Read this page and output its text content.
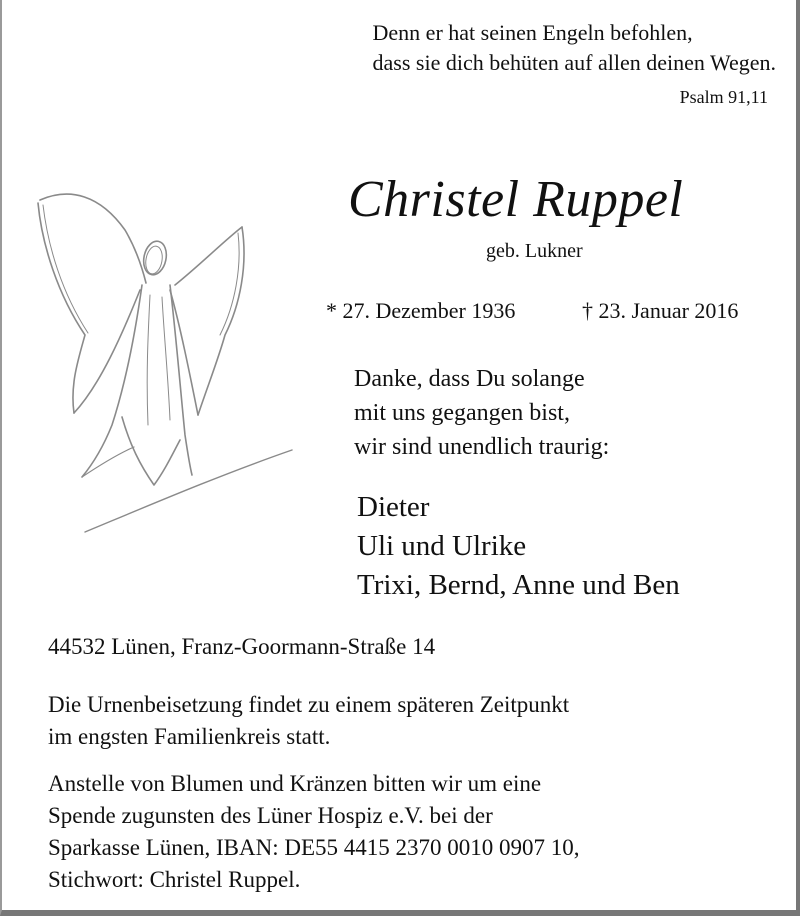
Denn er hat seinen Engeln befohlen,
dass sie dich behüten auf allen deinen Wegen.
Psalm 91,11
Christel Ruppel
geb. Lukner
* 27. Dezember 1936	† 23. Januar 2016
Danke, dass Du solange
mit uns gegangen bist,
wir sind unendlich traurig:
Dieter
Uli und Ulrike
Trixi, Bernd, Anne und Ben
44532 Lünen, Franz-Goormann-Straße 14
Die Urnenbeisetzung findet zu einem späteren Zeitpunkt
im engsten Familienkreis statt.
Anstelle von Blumen und Kränzen bitten wir um eine
Spende zugunsten des Lüner Hospiz e.V. bei der
Sparkasse Lünen, IBAN: DE55 4415 2370 0010 0907 10,
Stichwort: Christel Ruppel.
